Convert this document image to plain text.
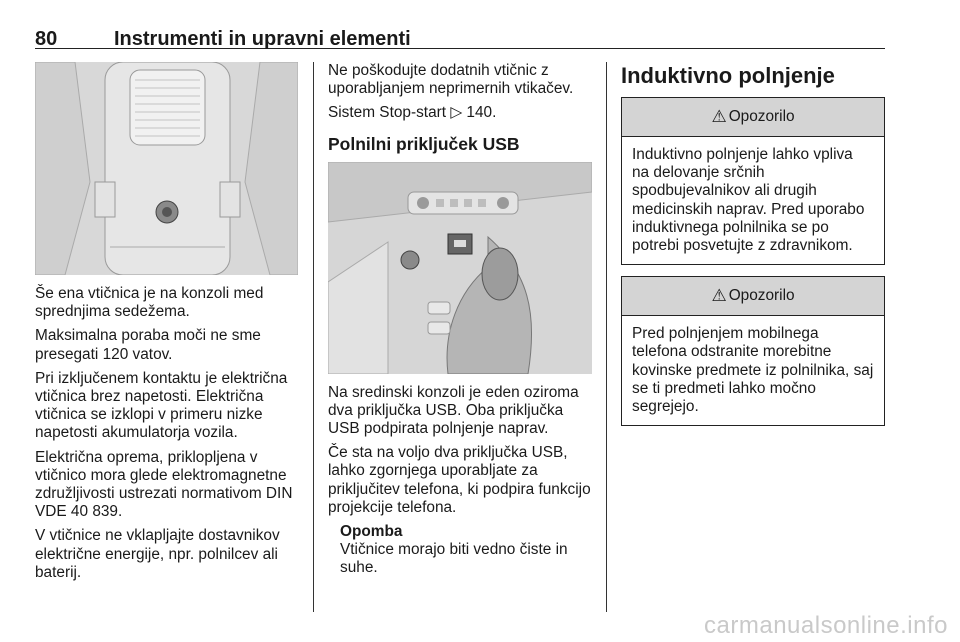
80	Instrumenti in upravni elementi

Še ena vtičnica je na konzoli med sprednjima sedežema.

Maksimalna poraba moči ne sme presegati 120 vatov.

Pri izključenem kontaktu je električna vtičnica brez napetosti. Električna vtičnica se izklopi v primeru nizke napetosti akumulatorja vozila.

Električna oprema, priklopljena v vtičnico mora glede elektromagnetne združljivosti ustrezati normativom DIN VDE 40 839.

V vtičnice ne vklapljajte dostavnikov električne energije, npr. polnilcev ali baterij.

Ne poškodujte dodatnih vtičnic z uporabljanjem neprimernih vtikačev.

Sistem Stop-start ▷ 140.

Polnilni priključek USB

Na sredinski konzoli je eden oziroma dva priključka USB. Oba priključka USB podpirata polnjenje naprav.

Če sta na voljo dva priključka USB, lahko zgornjega uporabljate za priključitev telefona, ki podpira funkcijo projekcije telefona.

Opomba

Vtičnice morajo biti vedno čiste in suhe.

Induktivno polnjenje
⚠ Opozorilo
Induktivno polnjenje lahko vpliva na delovanje srčnih spodbujevalnikov ali drugih medicinskih naprav. Pred uporabo induktivnega polnilnika se po potrebi posvetujte z zdravnikom.
⚠ Opozorilo
Pred polnjenjem mobilnega telefona odstranite morebitne kovinske predmete iz polnilnika, saj se ti predmeti lahko močno segrejejo.
carmanualsonline.info
